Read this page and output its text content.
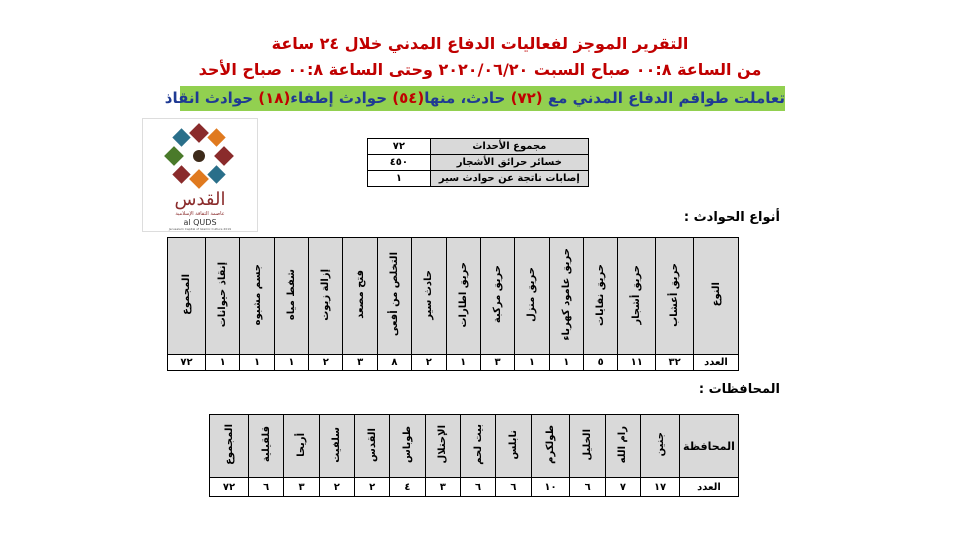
التقرير الموجز لفعاليات الدفاع المدني خلال ٢٤ ساعة
من الساعة ٠٠:٨ صباح السبت ٢٠٢٠/٠٦/٢٠ وحتى الساعة ٠٠:٨ صباح الأحد
تعاملت طواقم الدفاع المدني مع (٧٢) حادث، منها(٥٤) حوادث إطفاء(١٨) حوادث انقاذ
القدس
عاصمة الثقافة الإسلامية
al QUDS
Jerusalem Capital of Islamic Culture 2019
مجموع الأحداث	٧٢
خسائر حرائق الأشجار	٤٥٠
إصابات ناتجة عن حوادث سير	١
أنواع الحوادث :
النوع	حريق أعشاب	حريق أشجار	حريق نفايات	حريق عامود كهرباء	حريق منزل	حريق مركبة	حريق اطارات	حادث سير	التخلص من أفعى	فتح مصعد	إزالة زيوت	شفط مياه	جسم مشبوه	إنقاذ حيوانات	المجموع
العدد	٣٢	١١	٥	١	١	٣	١	٢	٨	٣	٢	١	١	١	٧٢
المحافظات :
المحافظة	جنين	رام الله	الخليل	طولكرم	نابلس	بيت لحم	الإحتلال	طوباس	القدس	سلفيت	أريحا	قلقيلية	المجموع
العدد	١٧	٧	٦	١٠	٦	٦	٣	٤	٢	٢	٣	٦	٧٢
